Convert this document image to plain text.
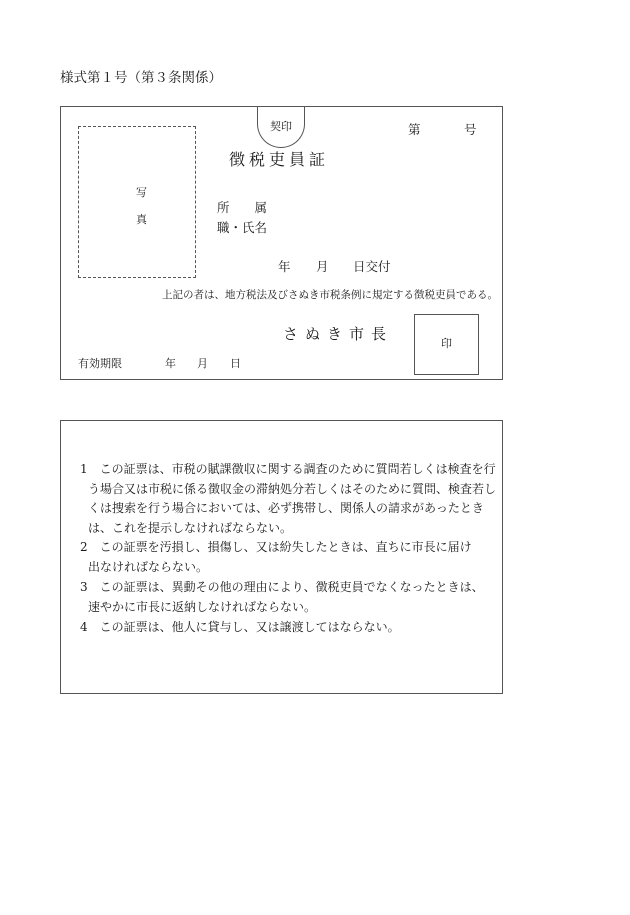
様式第１号（第３条関係）
写
真
契印	第	号
徴税吏員証
所　　属
職・氏名
年 月 日交付
上記の者は、地方税法及びさぬき市税条例に規定する徴税吏員である。
さぬき市長
印
有効期限	年 月 日
1　この証票は、市税の賦課徴収に関する調査のために質問若しくは検査を行
う場合又は市税に係る徴収金の滞納処分若しくはそのために質問、検査若し
くは捜索を行う場合においては、必ず携帯し、関係人の請求があったとき
は、これを提示しなければならない。
2　この証票を汚損し、損傷し、又は紛失したときは、直ちに市長に届け
出なければならない。
3　この証票は、異動その他の理由により、徴税吏員でなくなったときは、
速やかに市長に返納しなければならない。
4　この証票は、他人に貸与し、又は譲渡してはならない。
